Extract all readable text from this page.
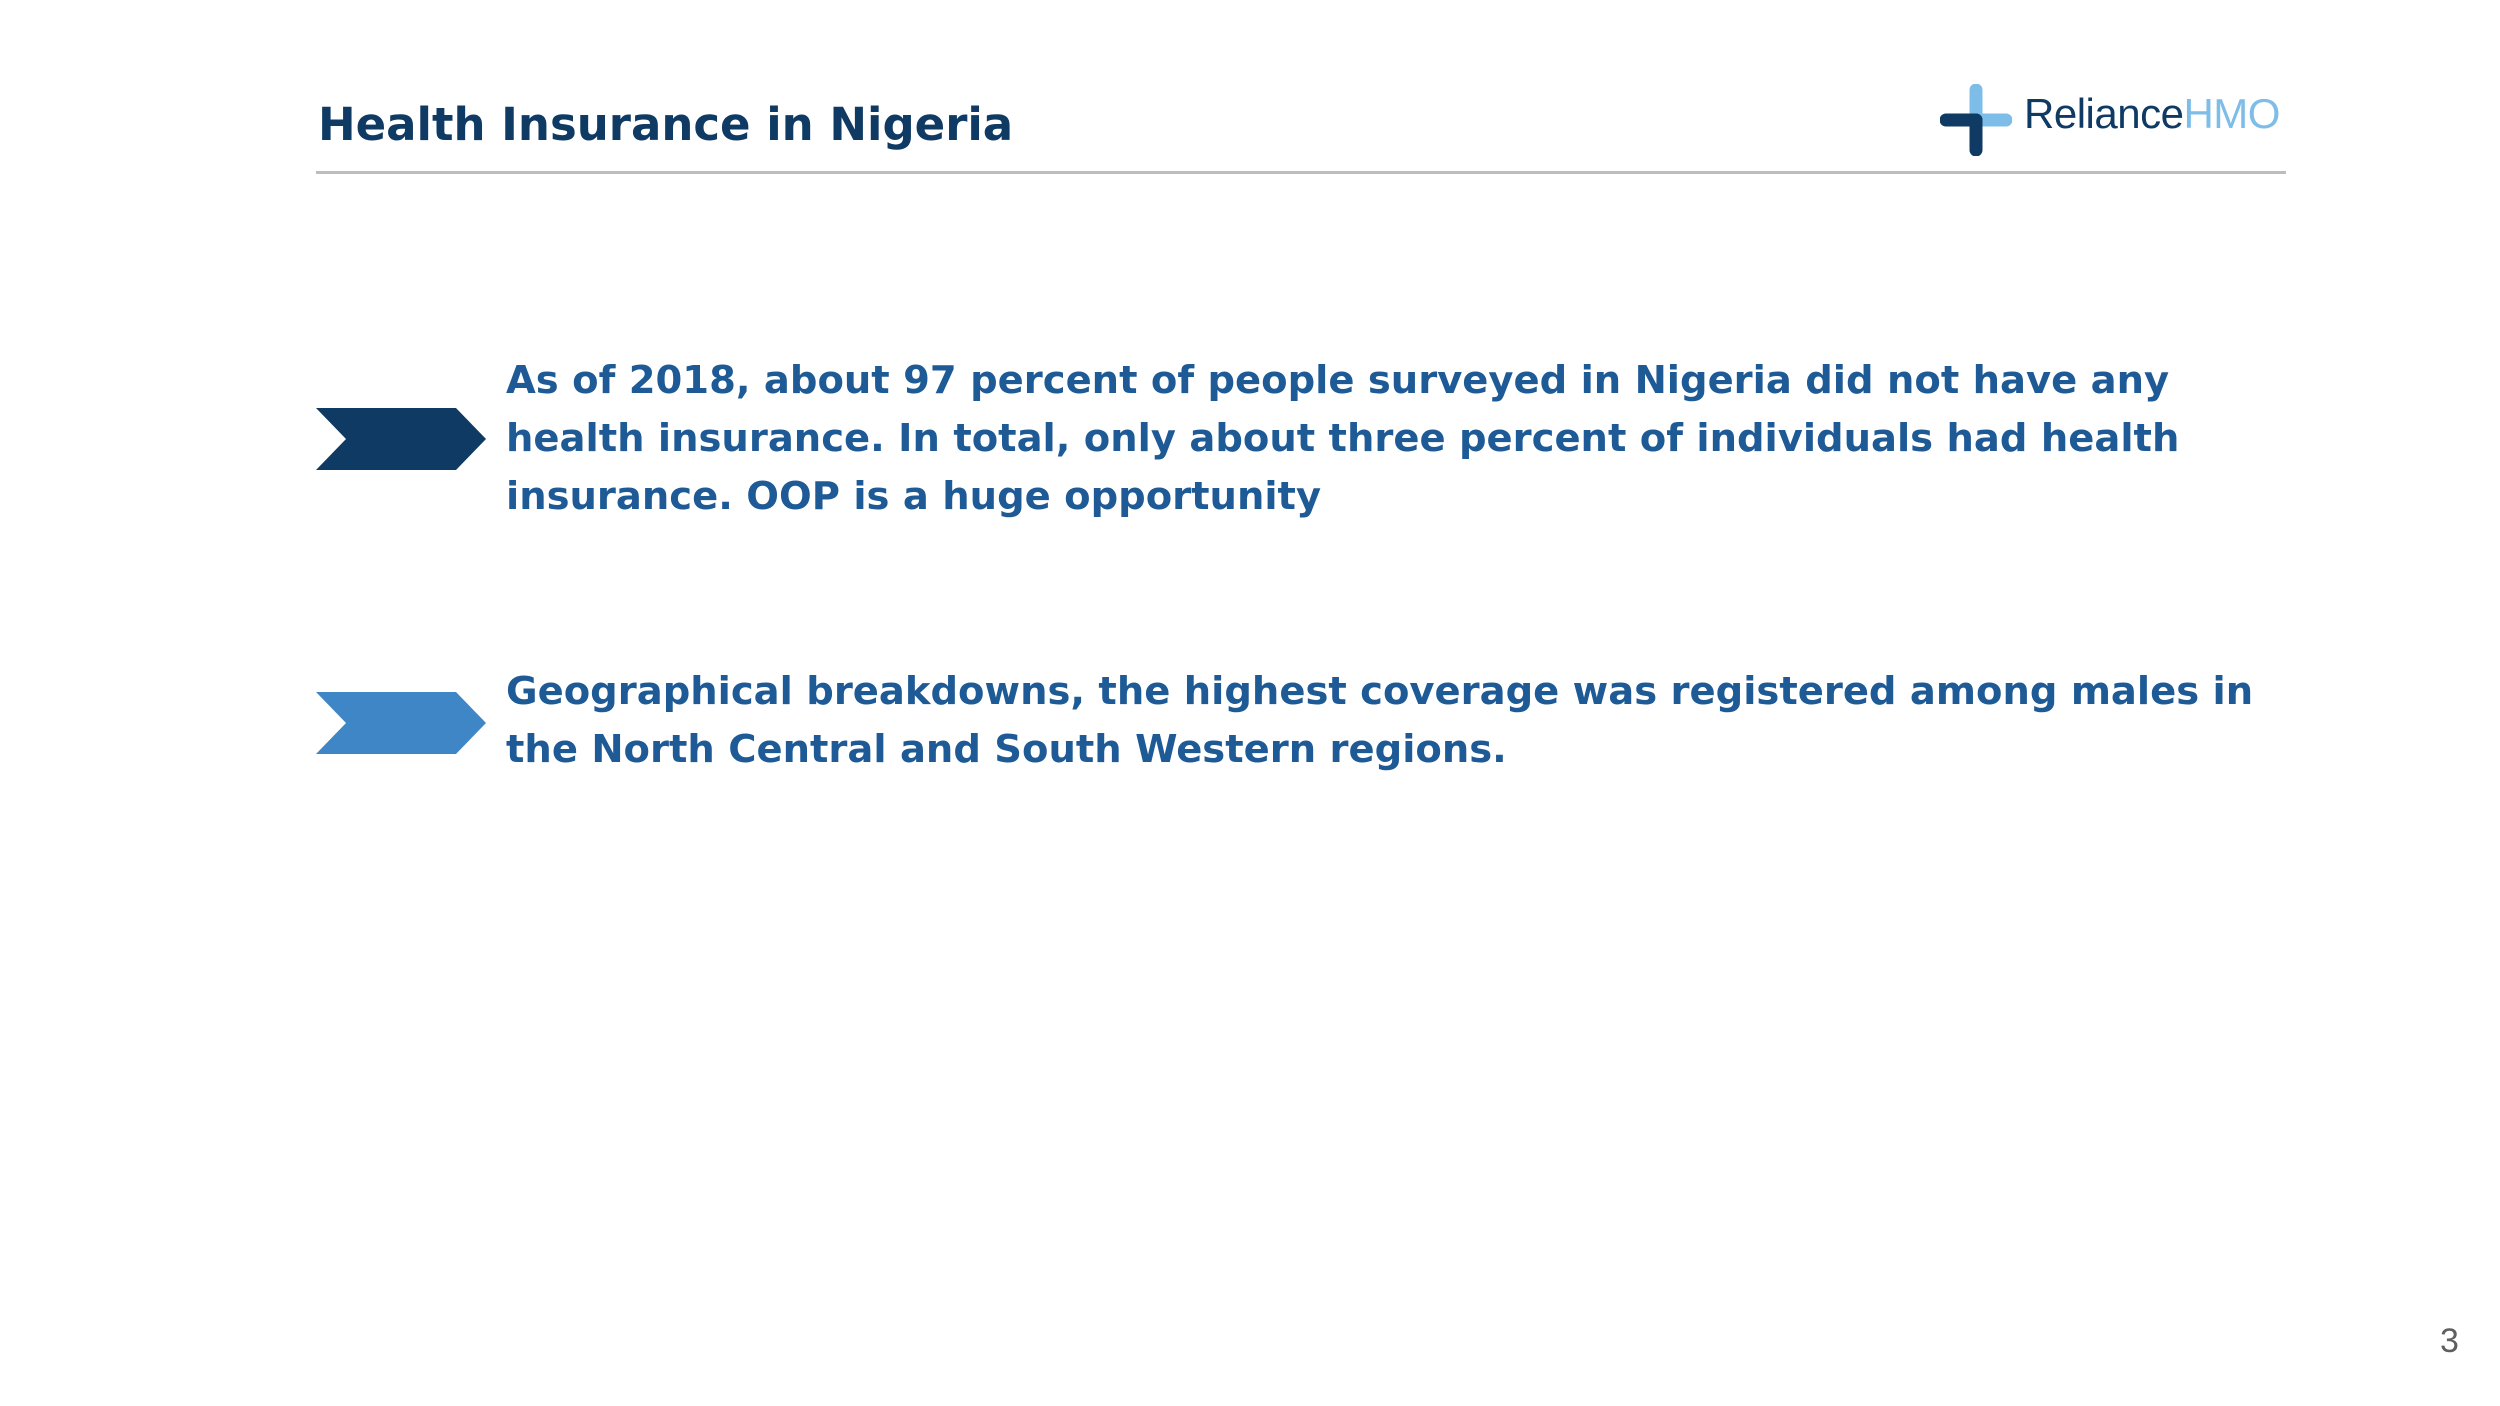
Health Insurance in Nigeria	RelianceHMO

As of 2018, about 97 percent of people surveyed in Nigeria did not have any health insurance. In total, only about three percent of individuals had health insurance. OOP is a huge opportunity

Geographical breakdowns, the highest coverage was registered among males in the North Central and South Western regions.

3
